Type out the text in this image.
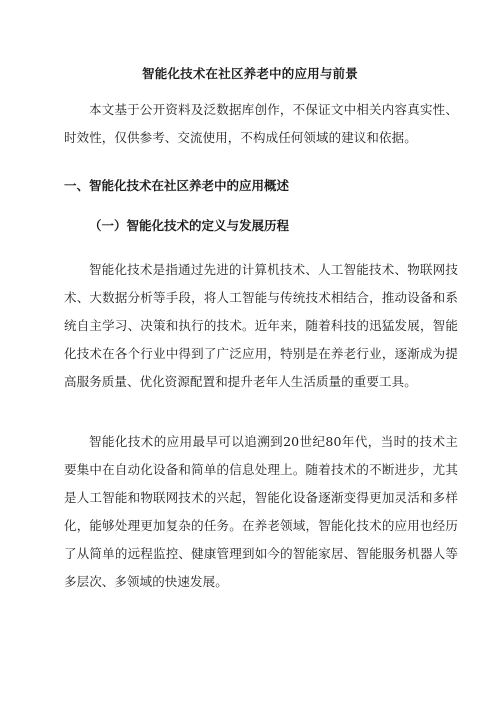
智能化技术在社区养老中的应用与前景

本文基于公开资料及泛数据库创作，不保证文中相关内容真实性、时效性，仅供参考、交流使用，不构成任何领域的建议和依据。

一、智能化技术在社区养老中的应用概述
（一）智能化技术的定义与发展历程

智能化技术是指通过先进的计算机技术、人工智能技术、物联网技术、大数据分析等手段，将人工智能与传统技术相结合，推动设备和系统自主学习、决策和执行的技术。近年来，随着科技的迅猛发展，智能化技术在各个行业中得到了广泛应用，特别是在养老行业，逐渐成为提高服务质量、优化资源配置和提升老年人生活质量的重要工具。

智能化技术的应用最早可以追溯到20世纪80年代，当时的技术主要集中在自动化设备和简单的信息处理上。随着技术的不断进步，尤其是人工智能和物联网技术的兴起，智能化设备逐渐变得更加灵活和多样化，能够处理更加复杂的任务。在养老领域，智能化技术的应用也经历了从简单的远程监控、健康管理到如今的智能家居、智能服务机器人等多层次、多领域的快速发展。
